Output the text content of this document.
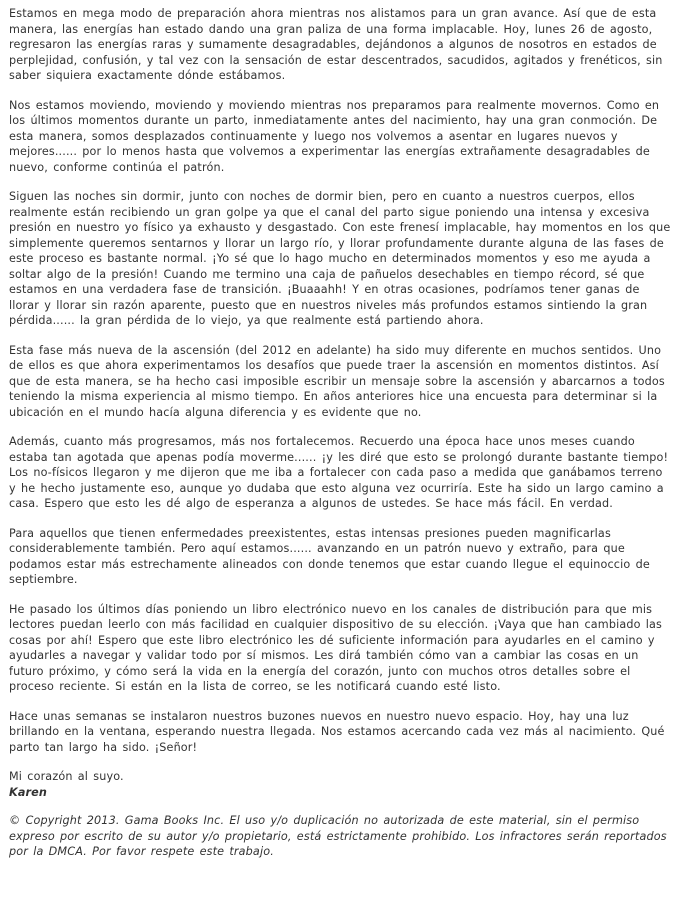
Estamos en mega modo de preparación ahora mientras nos alistamos para un gran avance. Así que de esta manera, las energías han estado dando una gran paliza de una forma implacable. Hoy, lunes 26 de agosto, regresaron las energías raras y sumamente desagradables, dejándonos a algunos de nosotros en estados de perplejidad, confusión, y tal vez con la sensación de estar descentrados, sacudidos, agitados y frenéticos, sin saber siquiera exactamente dónde estábamos.

Nos estamos moviendo, moviendo y moviendo mientras nos preparamos para realmente movernos. Como en los últimos momentos durante un parto, inmediatamente antes del nacimiento, hay una gran conmoción. De esta manera, somos desplazados continuamente y luego nos volvemos a asentar en lugares nuevos y mejores...... por lo menos hasta que volvemos a experimentar las energías extrañamente desagradables de nuevo, conforme continúa el patrón.

Siguen las noches sin dormir, junto con noches de dormir bien, pero en cuanto a nuestros cuerpos, ellos realmente están recibiendo un gran golpe ya que el canal del parto sigue poniendo una intensa y excesiva presión en nuestro yo físico ya exhausto y desgastado. Con este frenesí implacable, hay momentos en los que simplemente queremos sentarnos y llorar un largo río, y llorar profundamente durante alguna de las fases de este proceso es bastante normal. ¡Yo sé que lo hago mucho en determinados momentos y eso me ayuda a soltar algo de la presión! Cuando me termino una caja de pañuelos desechables en tiempo récord, sé que estamos en una verdadera fase de transición. ¡Buaaahh! Y en otras ocasiones, podríamos tener ganas de llorar y llorar sin razón aparente, puesto que en nuestros niveles más profundos estamos sintiendo la gran pérdida...... la gran pérdida de lo viejo, ya que realmente está partiendo ahora.

Esta fase más nueva de la ascensión (del 2012 en adelante) ha sido muy diferente en muchos sentidos. Uno de ellos es que ahora experimentamos los desafíos que puede traer la ascensión en momentos distintos. Así que de esta manera, se ha hecho casi imposible escribir un mensaje sobre la ascensión y abarcarnos a todos teniendo la misma experiencia al mismo tiempo. En años anteriores hice una encuesta para determinar si la ubicación en el mundo hacía alguna diferencia y es evidente que no.

Además, cuanto más progresamos, más nos fortalecemos. Recuerdo una época hace unos meses cuando estaba tan agotada que apenas podía moverme...... ¡y les diré que esto se prolongó durante bastante tiempo! Los no-físicos llegaron y me dijeron que me iba a fortalecer con cada paso a medida que ganábamos terreno y he hecho justamente eso, aunque yo dudaba que esto alguna vez ocurriría. Este ha sido un largo camino a casa. Espero que esto les dé algo de esperanza a algunos de ustedes. Se hace más fácil. En verdad.

Para aquellos que tienen enfermedades preexistentes, estas intensas presiones pueden magnificarlas considerablemente también. Pero aquí estamos...... avanzando en un patrón nuevo y extraño, para que podamos estar más estrechamente alineados con donde tenemos que estar cuando llegue el equinoccio de septiembre.

He pasado los últimos días poniendo un libro electrónico nuevo en los canales de distribución para que mis lectores puedan leerlo con más facilidad en cualquier dispositivo de su elección. ¡Vaya que han cambiado las cosas por ahí! Espero que este libro electrónico les dé suficiente información para ayudarles en el camino y ayudarles a navegar y validar todo por sí mismos. Les dirá también cómo van a cambiar las cosas en un futuro próximo, y cómo será la vida en la energía del corazón, junto con muchos otros detalles sobre el proceso reciente. Si están en la lista de correo, se les notificará cuando esté listo.

Hace unas semanas se instalaron nuestros buzones nuevos en nuestro nuevo espacio. Hoy, hay una luz brillando en la ventana, esperando nuestra llegada. Nos estamos acercando cada vez más al nacimiento. Qué parto tan largo ha sido. ¡Señor!

Mi corazón al suyo.

Karen

© Copyright 2013. Gama Books Inc. El uso y/o duplicación no autorizada de este material, sin el permiso expreso por escrito de su autor y/o propietario, está estrictamente prohibido. Los infractores serán reportados por la DMCA. Por favor respete este trabajo.
